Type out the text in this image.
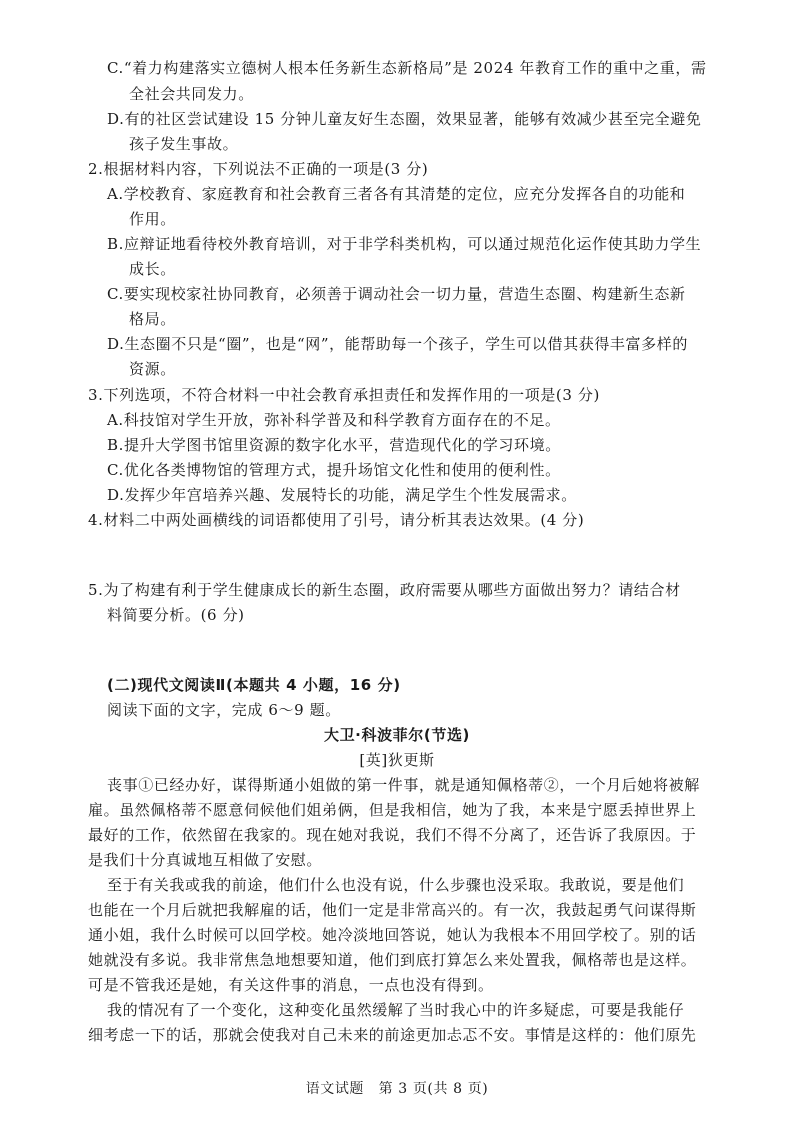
C.“着力构建落实立德树人根本任务新生态新格局”是 2024 年教育工作的重中之重，需
全社会共同发力。
D.有的社区尝试建设 15 分钟儿童友好生态圈，效果显著，能够有效减少甚至完全避免
孩子发生事故。
2.根据材料内容，下列说法不正确的一项是(3 分)
A.学校教育、家庭教育和社会教育三者各有其清楚的定位，应充分发挥各自的功能和
作用。
B.应辩证地看待校外教育培训，对于非学科类机构，可以通过规范化运作使其助力学生
成长。
C.要实现校家社协同教育，必须善于调动社会一切力量，营造生态圈、构建新生态新
格局。
D.生态圈不只是“圈”，也是“网”，能帮助每一个孩子，学生可以借其获得丰富多样的
资源。
3.下列选项，不符合材料一中社会教育承担责任和发挥作用的一项是(3 分)
A.科技馆对学生开放，弥补科学普及和科学教育方面存在的不足。
B.提升大学图书馆里资源的数字化水平，营造现代化的学习环境。
C.优化各类博物馆的管理方式，提升场馆文化性和使用的便利性。
D.发挥少年宫培养兴趣、发展特长的功能，满足学生个性发展需求。
4.材料二中两处画横线的词语都使用了引号，请分析其表达效果。(4 分)
5.为了构建有利于学生健康成长的新生态圈，政府需要从哪些方面做出努力？请结合材
料简要分析。(6 分)
(二)现代文阅读Ⅱ(本题共 4 小题，16 分)
阅读下面的文字，完成 6～9 题。
大卫·科波菲尔(节选)
[英]狄更斯
丧事①已经办好，谋得斯通小姐做的第一件事，就是通知佩格蒂②，一个月后她将被解
雇。虽然佩格蒂不愿意伺候他们姐弟俩，但是我相信，她为了我，本来是宁愿丢掉世界上
最好的工作，依然留在我家的。现在她对我说，我们不得不分离了，还告诉了我原因。于
是我们十分真诚地互相做了安慰。
至于有关我或我的前途，他们什么也没有说，什么步骤也没采取。我敢说，要是他们
也能在一个月后就把我解雇的话，他们一定是非常高兴的。有一次，我鼓起勇气问谋得斯
通小姐，我什么时候可以回学校。她冷淡地回答说，她认为我根本不用回学校了。别的话
她就没有多说。我非常焦急地想要知道，他们到底打算怎么来处置我，佩格蒂也是这样。
可是不管我还是她，有关这件事的消息，一点也没有得到。
我的情况有了一个变化，这种变化虽然缓解了当时我心中的许多疑虑，可要是我能仔
细考虑一下的话，那就会使我对自己未来的前途更加忐忑不安。事情是这样的：他们原先
语文试题　第 3 页(共 8 页)
